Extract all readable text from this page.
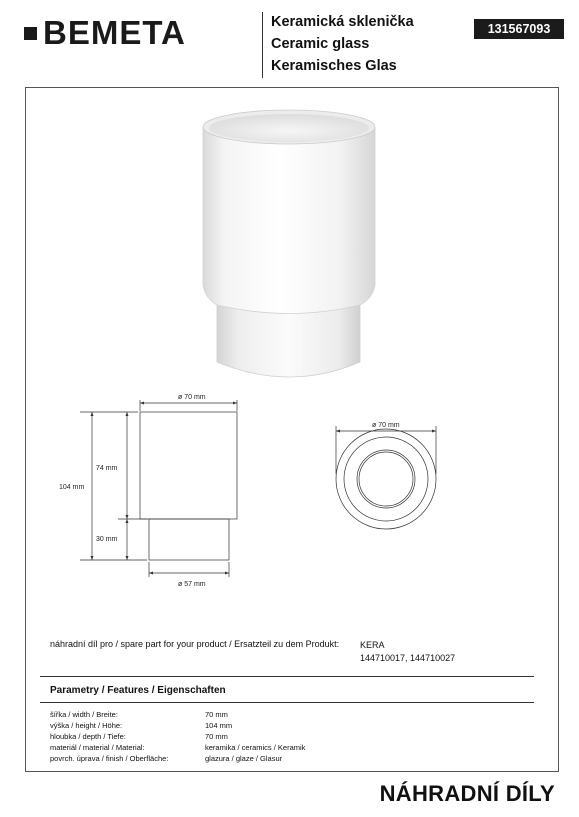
BEMETA	Keramická sklenička
Ceramic glass
Keramisches Glas
131567093
ø 70 mm
ø 57 mm
104 mm
74 mm
30 mm
ø 70 mm
náhradní díl pro / spare part for your product / Ersatzteil zu dem Produkt: KERA
144710017, 144710027
Parametry / Features / Eigenschaften
šířka / width / Breite:	70 mm
výška / height / Höhe:	104 mm
hloubka / depth / Tiefe:	70 mm
materiál / material / Material:	keramika / ceramics / Keramik
povrch. úprava / finish / Oberfläche:	glazura / glaze / Glasur
NÁHRADNÍ DÍLY
